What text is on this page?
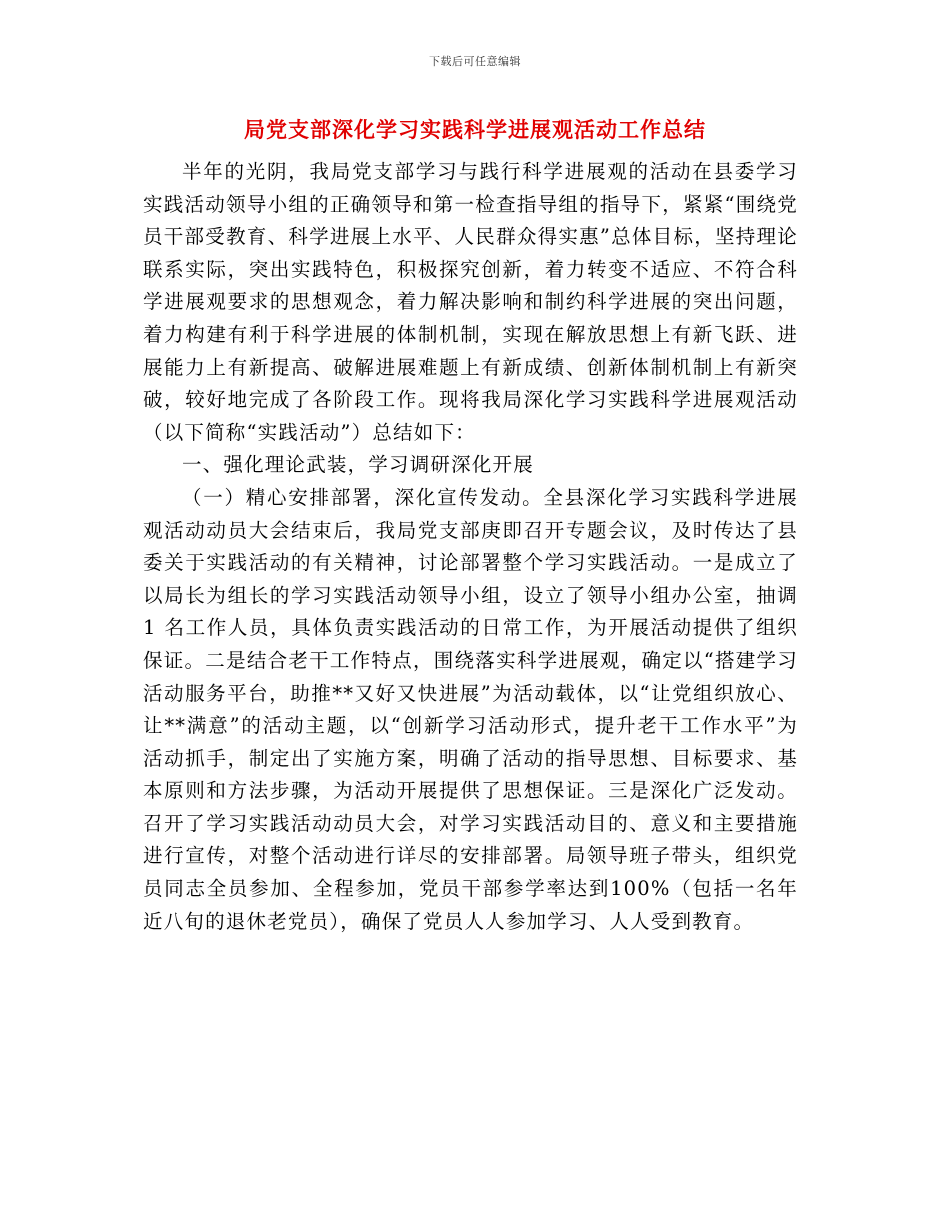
下载后可任意编辑
局党支部深化学习实践科学进展观活动工作总结

半年的光阴，我局党支部学习与践行科学进展观的活动在县委学习实践活动领导小组的正确领导和第一检查指导组的指导下，紧紧“围绕党员干部受教育、科学进展上水平、人民群众得实惠”总体目标，坚持理论联系实际，突出实践特色，积极探究创新，着力转变不适应、不符合科学进展观要求的思想观念，着力解决影响和制约科学进展的突出问题，着力构建有利于科学进展的体制机制，实现在解放思想上有新飞跃、进展能力上有新提高、破解进展难题上有新成绩、创新体制机制上有新突破，较好地完成了各阶段工作。现将我局深化学习实践科学进展观活动（以下简称“实践活动”）总结如下：

一、强化理论武装，学习调研深化开展

（一）精心安排部署，深化宣传发动。全县深化学习实践科学进展观活动动员大会结束后，我局党支部庚即召开专题会议，及时传达了县委关于实践活动的有关精神，讨论部署整个学习实践活动。一是成立了以局长为组长的学习实践活动领导小组，设立了领导小组办公室，抽调 1 名工作人员，具体负责实践活动的日常工作，为开展活动提供了组织保证。二是结合老干工作特点，围绕落实科学进展观，确定以“搭建学习活动服务平台，助推**又好又快进展”为活动载体，以“让党组织放心、让**满意”的活动主题，以“创新学习活动形式，提升老干工作水平”为活动抓手，制定出了实施方案，明确了活动的指导思想、目标要求、基本原则和方法步骤，为活动开展提供了思想保证。三是深化广泛发动。召开了学习实践活动动员大会，对学习实践活动目的、意义和主要措施进行宣传，对整个活动进行详尽的安排部署。局领导班子带头，组织党员同志全员参加、全程参加，党员干部参学率达到100%（包括一名年近八旬的退休老党员），确保了党员人人参加学习、人人受到教育。
